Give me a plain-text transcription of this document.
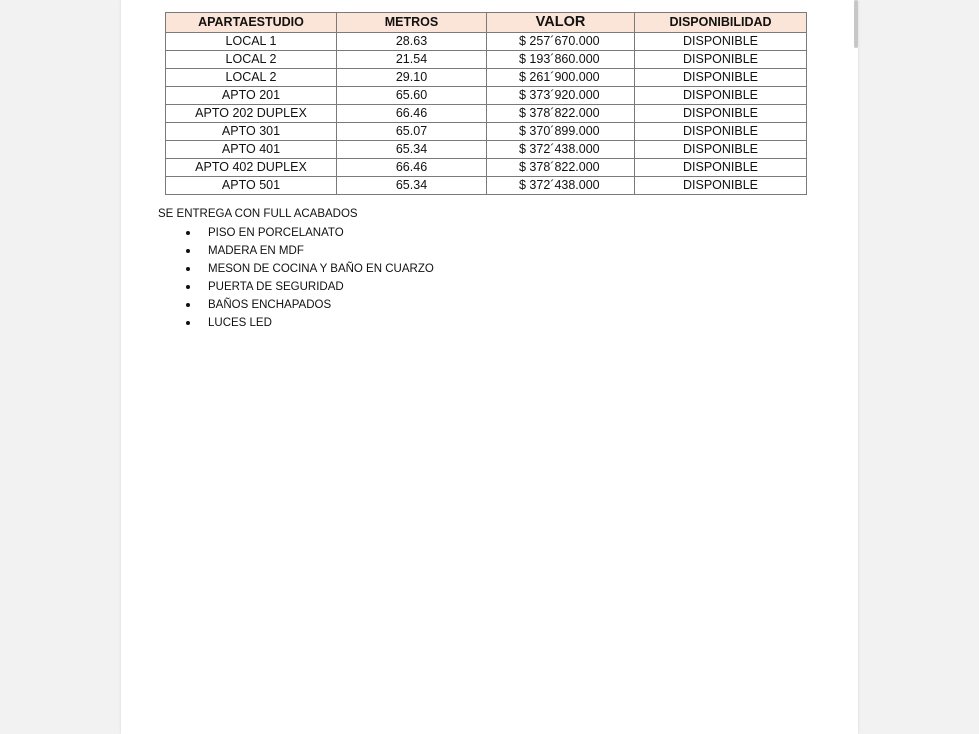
APARTAESTUDIO	METROS	VALOR	DISPONIBILIDAD
LOCAL 1	28.63	$ 257´670.000	DISPONIBLE
LOCAL 2	21.54	$ 193´860.000	DISPONIBLE
LOCAL 2	29.10	$ 261´900.000	DISPONIBLE
APTO 201	65.60	$ 373´920.000	DISPONIBLE
APTO 202 DUPLEX	66.46	$ 378´822.000	DISPONIBLE
APTO 301	65.07	$ 370´899.000	DISPONIBLE
APTO 401	65.34	$ 372´438.000	DISPONIBLE
APTO 402 DUPLEX	66.46	$ 378´822.000	DISPONIBLE
APTO 501	65.34	$ 372´438.000	DISPONIBLE
SE ENTREGA CON FULL ACABADOS
PISO EN PORCELANATO
MADERA EN MDF
MESON DE COCINA Y BAÑO EN CUARZO
PUERTA DE SEGURIDAD
BAÑOS ENCHAPADOS
LUCES LED
